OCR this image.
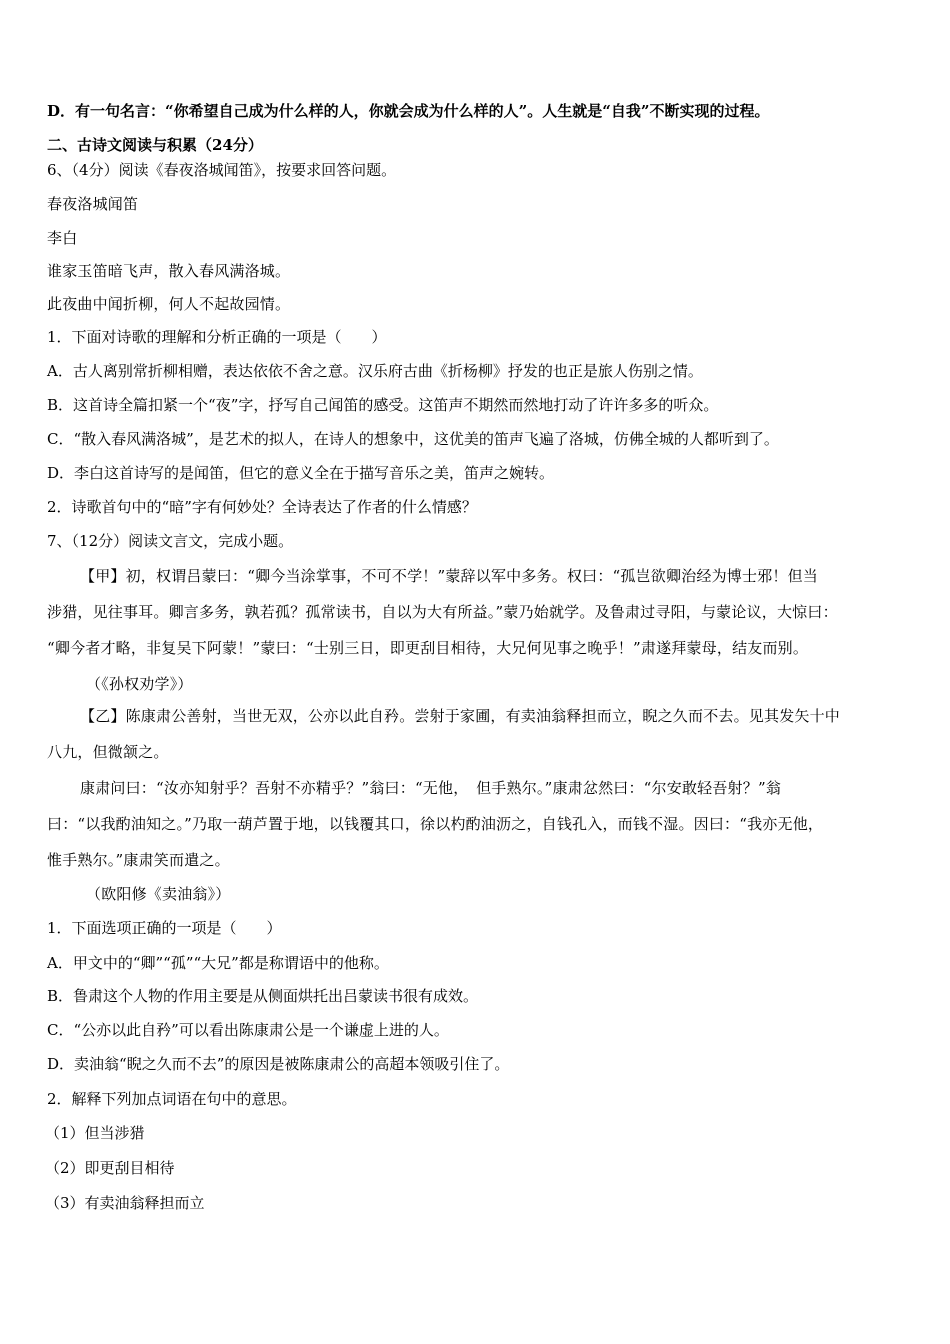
D．有一句名言：“你希望自己成为什么样的人，你就会成为什么样的人”。人生就是“自我”不断实现的过程。
二、古诗文阅读与积累（24分）
6、（4分）阅读《春夜洛城闻笛》，按要求回答问题。
春夜洛城闻笛
李白
谁家玉笛暗飞声，散入春风满洛城。
此夜曲中闻折柳，何人不起故园情。
1．下面对诗歌的理解和分析正确的一项是（　　）
A．古人离别常折柳相赠，表达依依不舍之意。汉乐府古曲《折杨柳》抒发的也正是旅人伤别之情。
B．这首诗全篇扣紧一个“夜”字，抒写自己闻笛的感受。这笛声不期然而然地打动了许许多多的听众。
C．“散入春风满洛城”，是艺术的拟人，在诗人的想象中，这优美的笛声飞遍了洛城，仿佛全城的人都听到了。
D．李白这首诗写的是闻笛，但它的意义全在于描写音乐之美，笛声之婉转。
2．诗歌首句中的“暗”字有何妙处？全诗表达了作者的什么情感？
7、（12分）阅读文言文，完成小题。
【甲】初，权谓吕蒙曰：“卿今当涂掌事，不可不学！”蒙辞以军中多务。权曰：“孤岂欲卿治经为博士邪！但当
涉猎，见往事耳。卿言多务，孰若孤？孤常读书，自以为大有所益。”蒙乃始就学。及鲁肃过寻阳，与蒙论议，大惊曰：
“卿今者才略，非复吴下阿蒙！”蒙曰：“士别三日，即更刮目相待，大兄何见事之晚乎！”肃遂拜蒙母，结友而别。
（《孙权劝学》）
【乙】陈康肃公善射，当世无双，公亦以此自矜。尝射于家圃，有卖油翁释担而立，睨之久而不去。见其发矢十中
八九，但微颔之。
康肃问曰：“汝亦知射乎？吾射不亦精乎？”翁曰：“无他，　但手熟尔。”康肃忿然曰：“尔安敢轻吾射？”翁
曰：“以我酌油知之。”乃取一葫芦置于地，以钱覆其口，徐以杓酌油沥之，自钱孔入，而钱不湿。因曰：“我亦无他，
惟手熟尔。”康肃笑而遣之。
（欧阳修《卖油翁》）
1．下面选项正确的一项是（　　）
A．甲文中的“卿”“孤”“大兄”都是称谓语中的他称。
B．鲁肃这个人物的作用主要是从侧面烘托出吕蒙读书很有成效。
C．“公亦以此自矜”可以看出陈康肃公是一个谦虚上进的人。
D．卖油翁“睨之久而不去”的原因是被陈康肃公的高超本领吸引住了。
2．解释下列加点词语在句中的意思。
（1）但当涉猎
（2）即更刮目相待
（3）有卖油翁释担而立
